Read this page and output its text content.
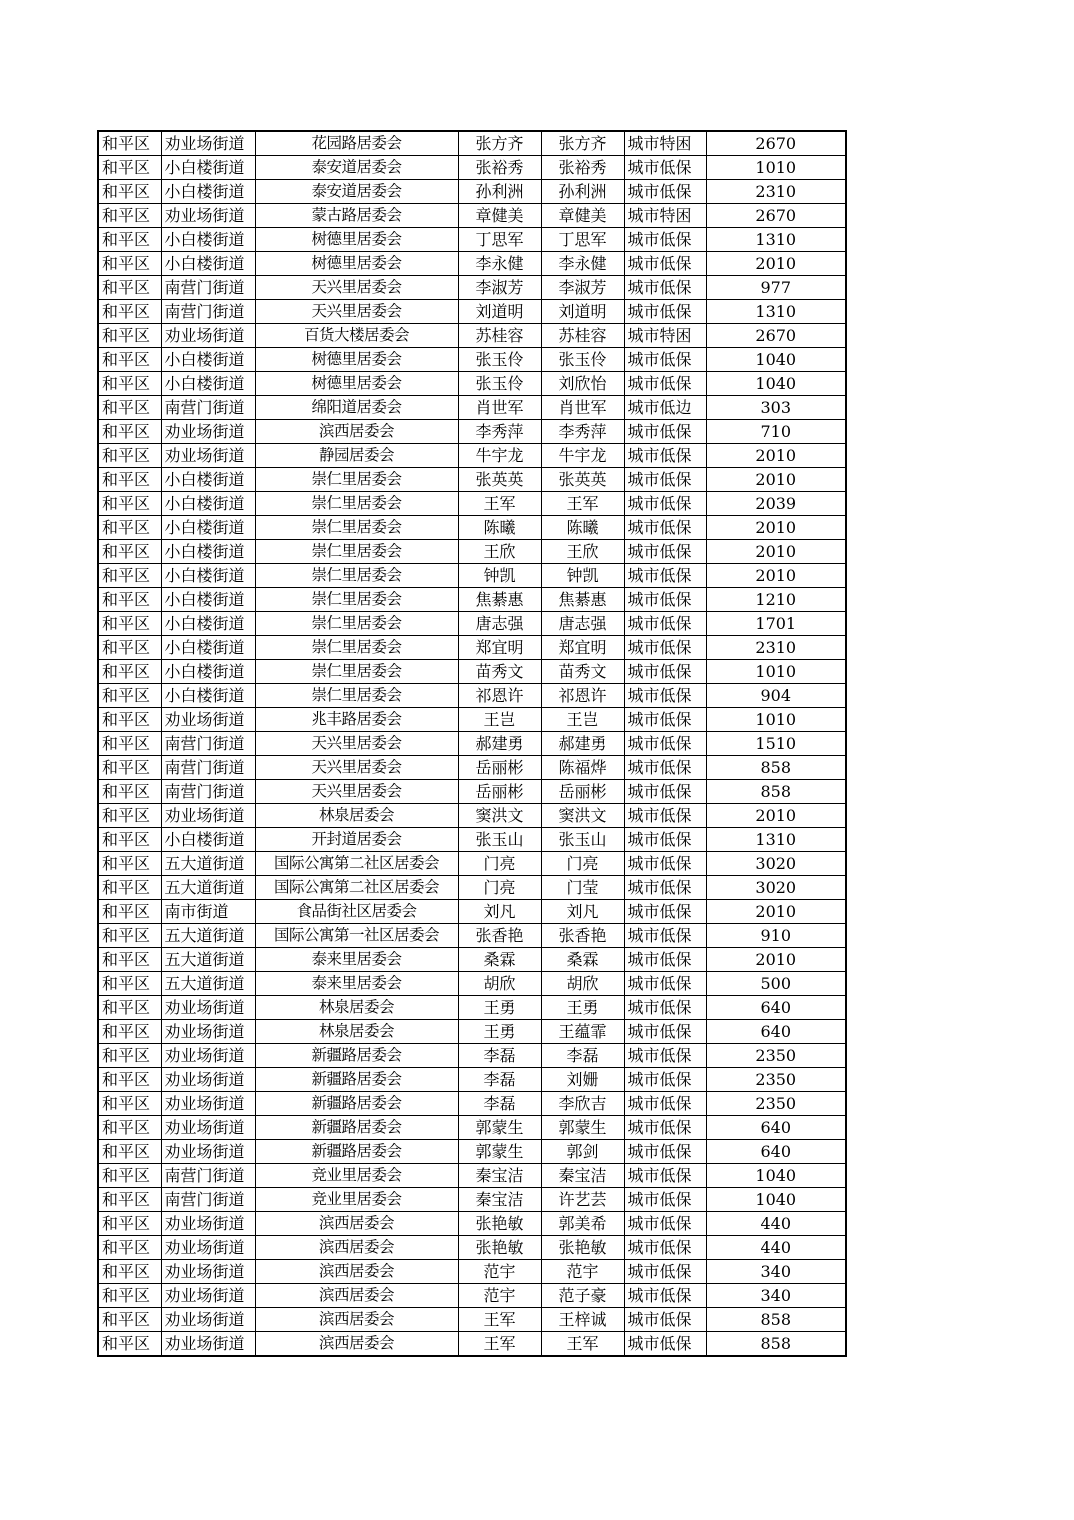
和平区	劝业场街道	花园路居委会	张方齐	张方齐	城市特困	2670
和平区	小白楼街道	泰安道居委会	张裕秀	张裕秀	城市低保	1010
和平区	小白楼街道	泰安道居委会	孙利洲	孙利洲	城市低保	2310
和平区	劝业场街道	蒙古路居委会	章健美	章健美	城市特困	2670
和平区	小白楼街道	树德里居委会	丁思军	丁思军	城市低保	1310
和平区	小白楼街道	树德里居委会	李永健	李永健	城市低保	2010
和平区	南营门街道	天兴里居委会	李淑芳	李淑芳	城市低保	977
和平区	南营门街道	天兴里居委会	刘道明	刘道明	城市低保	1310
和平区	劝业场街道	百货大楼居委会	苏桂容	苏桂容	城市特困	2670
和平区	小白楼街道	树德里居委会	张玉伶	张玉伶	城市低保	1040
和平区	小白楼街道	树德里居委会	张玉伶	刘欣怡	城市低保	1040
和平区	南营门街道	绵阳道居委会	肖世军	肖世军	城市低边	303
和平区	劝业场街道	滨西居委会	李秀萍	李秀萍	城市低保	710
和平区	劝业场街道	静园居委会	牛宇龙	牛宇龙	城市低保	2010
和平区	小白楼街道	崇仁里居委会	张英英	张英英	城市低保	2010
和平区	小白楼街道	崇仁里居委会	王军	王军	城市低保	2039
和平区	小白楼街道	崇仁里居委会	陈曦	陈曦	城市低保	2010
和平区	小白楼街道	崇仁里居委会	王欣	王欣	城市低保	2010
和平区	小白楼街道	崇仁里居委会	钟凯	钟凯	城市低保	2010
和平区	小白楼街道	崇仁里居委会	焦綦惠	焦綦惠	城市低保	1210
和平区	小白楼街道	崇仁里居委会	唐志强	唐志强	城市低保	1701
和平区	小白楼街道	崇仁里居委会	郑宜明	郑宜明	城市低保	2310
和平区	小白楼街道	崇仁里居委会	苗秀文	苗秀文	城市低保	1010
和平区	小白楼街道	崇仁里居委会	祁恩许	祁恩许	城市低保	904
和平区	劝业场街道	兆丰路居委会	王岂	王岂	城市低保	1010
和平区	南营门街道	天兴里居委会	郝建勇	郝建勇	城市低保	1510
和平区	南营门街道	天兴里居委会	岳丽彬	陈福烨	城市低保	858
和平区	南营门街道	天兴里居委会	岳丽彬	岳丽彬	城市低保	858
和平区	劝业场街道	林泉居委会	窦洪文	窦洪文	城市低保	2010
和平区	小白楼街道	开封道居委会	张玉山	张玉山	城市低保	1310
和平区	五大道街道	国际公寓第二社区居委会	门亮	门亮	城市低保	3020
和平区	五大道街道	国际公寓第二社区居委会	门亮	门莹	城市低保	3020
和平区	南市街道	食品街社区居委会	刘凡	刘凡	城市低保	2010
和平区	五大道街道	国际公寓第一社区居委会	张香艳	张香艳	城市低保	910
和平区	五大道街道	泰来里居委会	桑霖	桑霖	城市低保	2010
和平区	五大道街道	泰来里居委会	胡欣	胡欣	城市低保	500
和平区	劝业场街道	林泉居委会	王勇	王勇	城市低保	640
和平区	劝业场街道	林泉居委会	王勇	王蕴霏	城市低保	640
和平区	劝业场街道	新疆路居委会	李磊	李磊	城市低保	2350
和平区	劝业场街道	新疆路居委会	李磊	刘姗	城市低保	2350
和平区	劝业场街道	新疆路居委会	李磊	李欣吉	城市低保	2350
和平区	劝业场街道	新疆路居委会	郭蒙生	郭蒙生	城市低保	640
和平区	劝业场街道	新疆路居委会	郭蒙生	郭剑	城市低保	640
和平区	南营门街道	竞业里居委会	秦宝洁	秦宝洁	城市低保	1040
和平区	南营门街道	竞业里居委会	秦宝洁	许艺芸	城市低保	1040
和平区	劝业场街道	滨西居委会	张艳敏	郭美希	城市低保	440
和平区	劝业场街道	滨西居委会	张艳敏	张艳敏	城市低保	440
和平区	劝业场街道	滨西居委会	范宇	范宇	城市低保	340
和平区	劝业场街道	滨西居委会	范宇	范子豪	城市低保	340
和平区	劝业场街道	滨西居委会	王军	王梓诚	城市低保	858
和平区	劝业场街道	滨西居委会	王军	王军	城市低保	858
